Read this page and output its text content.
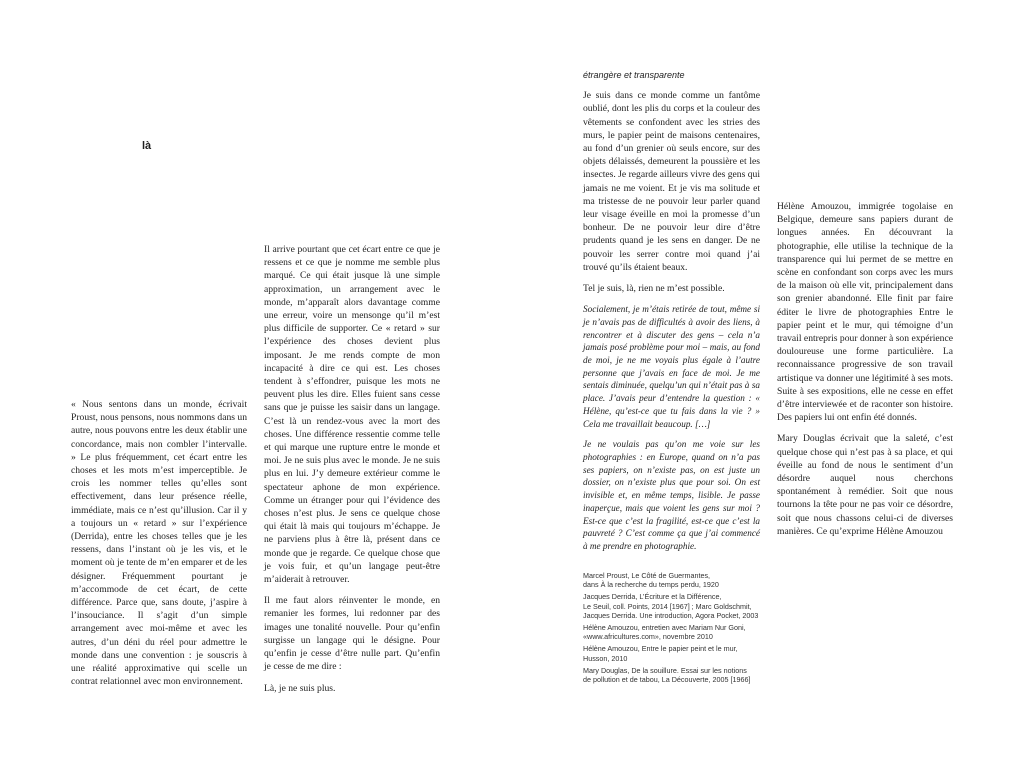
là

« Nous sentons dans un monde, écrivait Proust, nous pensons, nous nommons dans un autre, nous pouvons entre les deux établir une concordance, mais non combler l’intervalle. » Le plus fréquemment, cet écart entre les choses et les mots m’est imperceptible. Je crois les nommer telles qu’elles sont effectivement, dans leur présence réelle, immédiate, mais ce n’est qu’illusion. Car il y a toujours un « retard » sur l’expérience (Derrida), entre les choses telles que je les ressens, dans l’instant où je les vis, et le moment où je tente de m’en emparer et de les désigner. Fréquemment pourtant je m’accommode de cet écart, de cette différence. Parce que, sans doute, j’aspire à l’insouciance. Il s’agit d’un simple arrangement avec moi-même et avec les autres, d’un déni du réel pour admettre le monde dans une convention : je souscris à une réalité approximative qui scelle un contrat relationnel avec mon environnement.

Il arrive pourtant que cet écart entre ce que je ressens et ce que je nomme me semble plus marqué. Ce qui était jusque là une simple approximation, un arrangement avec le monde, m’apparaît alors davantage comme une erreur, voire un mensonge qu’il m’est plus difficile de supporter. Ce « retard » sur l’expérience des choses devient plus imposant. Je me rends compte de mon incapacité à dire ce qui est. Les choses tendent à s’effondrer, puisque les mots ne peuvent plus les dire. Elles fuient sans cesse sans que je puisse les saisir dans un langage. C’est là un rendez-vous avec la mort des choses. Une différence ressentie comme telle et qui marque une rupture entre le monde et moi. Je ne suis plus avec le monde. Je ne suis plus en lui. J’y demeure extérieur comme le spectateur aphone de mon expérience. Comme un étranger pour qui l’évidence des choses n’est plus. Je sens ce quelque chose qui était là mais qui toujours m’échappe. Je ne parviens plus à être là, présent dans ce monde que je regarde. Ce quelque chose que je vois fuir, et qu’un langage peut-être m’aiderait à retrouver.

Il me faut alors réinventer le monde, en remanier les formes, lui redonner par des images une tonalité nouvelle. Pour qu’enfin surgisse un langage qui le désigne. Pour qu’enfin je cesse d’être nulle part. Qu’enfin je cesse de me dire :

Là, je ne suis plus.

étrangère et transparente

Je suis dans ce monde comme un fantôme oublié, dont les plis du corps et la couleur des vêtements se confondent avec les stries des murs, le papier peint de maisons centenaires, au fond d’un grenier où seuls encore, sur des objets délaissés, demeurent la poussière et les insectes. Je regarde ailleurs vivre des gens qui jamais ne me voient. Et je vis ma solitude et ma tristesse de ne pouvoir leur parler quand leur visage éveille en moi la promesse d’un bonheur. De ne pouvoir leur dire d’être prudents quand je les sens en danger. De ne pouvoir les serrer contre moi quand j’ai trouvé qu’ils étaient beaux.

Tel je suis, là, rien ne m’est possible.

Socialement, je m’étais retirée de tout, même si je n’avais pas de difficultés à avoir des liens, à rencontrer et à discuter des gens – cela n’a jamais posé problème pour moi – mais, au fond de moi, je ne me voyais plus égale à l’autre personne que j’avais en face de moi. Je me sentais diminuée, quelqu’un qui n’était pas à sa place. J’avais peur d’entendre la question : « Hélène, qu’est-ce que tu fais dans la vie ? » Cela me travaillait beaucoup. […]

Je ne voulais pas qu’on me voie sur les photographies : en Europe, quand on n’a pas ses papiers, on n’existe pas, on est juste un dossier, on n’existe plus que pour soi. On est invisible et, en même temps, lisible. Je passe inaperçue, mais que voient les gens sur moi ? Est-ce que c’est la fragilité, est-ce que c’est la pauvreté ? C’est comme ça que j’ai commencé à me prendre en photographie.

Marcel Proust, Le Côté de Guermantes,
dans À la recherche du temps perdu, 1920
Jacques Derrida, L’Écriture et la Différence,
Le Seuil, coll. Points, 2014 [1967] ; Marc Goldschmit,
Jacques Derrida. Une introduction, Agora Pocket, 2003
Hélène Amouzou, entretien avec Mariam Nur Goni,
«www.africultures.com», novembre 2010
Hélène Amouzou, Entre le papier peint et le mur,
Husson, 2010
Mary Douglas, De la souillure. Essai sur les notions
de pollution et de tabou, La Découverte, 2005 [1966]

Hélène Amouzou, immigrée togolaise en Belgique, demeure sans papiers durant de longues années. En découvrant la photographie, elle utilise la technique de la transparence qui lui permet de se mettre en scène en confondant son corps avec les murs de la maison où elle vit, principalement dans son grenier abandonné. Elle finit par faire éditer le livre de photographies Entre le papier peint et le mur, qui témoigne d’un travail entrepris pour donner à son expérience douloureuse une forme particulière. La reconnaissance progressive de son travail artistique va donner une légitimité à ses mots. Suite à ses expositions, elle ne cesse en effet d’être interviewée et de raconter son histoire. Des papiers lui ont enfin été donnés.

Mary Douglas écrivait que la saleté, c’est quelque chose qui n’est pas à sa place, et qui éveille au fond de nous le sentiment d’un désordre auquel nous cherchons spontanément à remédier. Soit que nous tournons la tête pour ne pas voir ce désordre, soit que nous chassons celui-ci de diverses manières. Ce qu’exprime Hélène Amouzou
